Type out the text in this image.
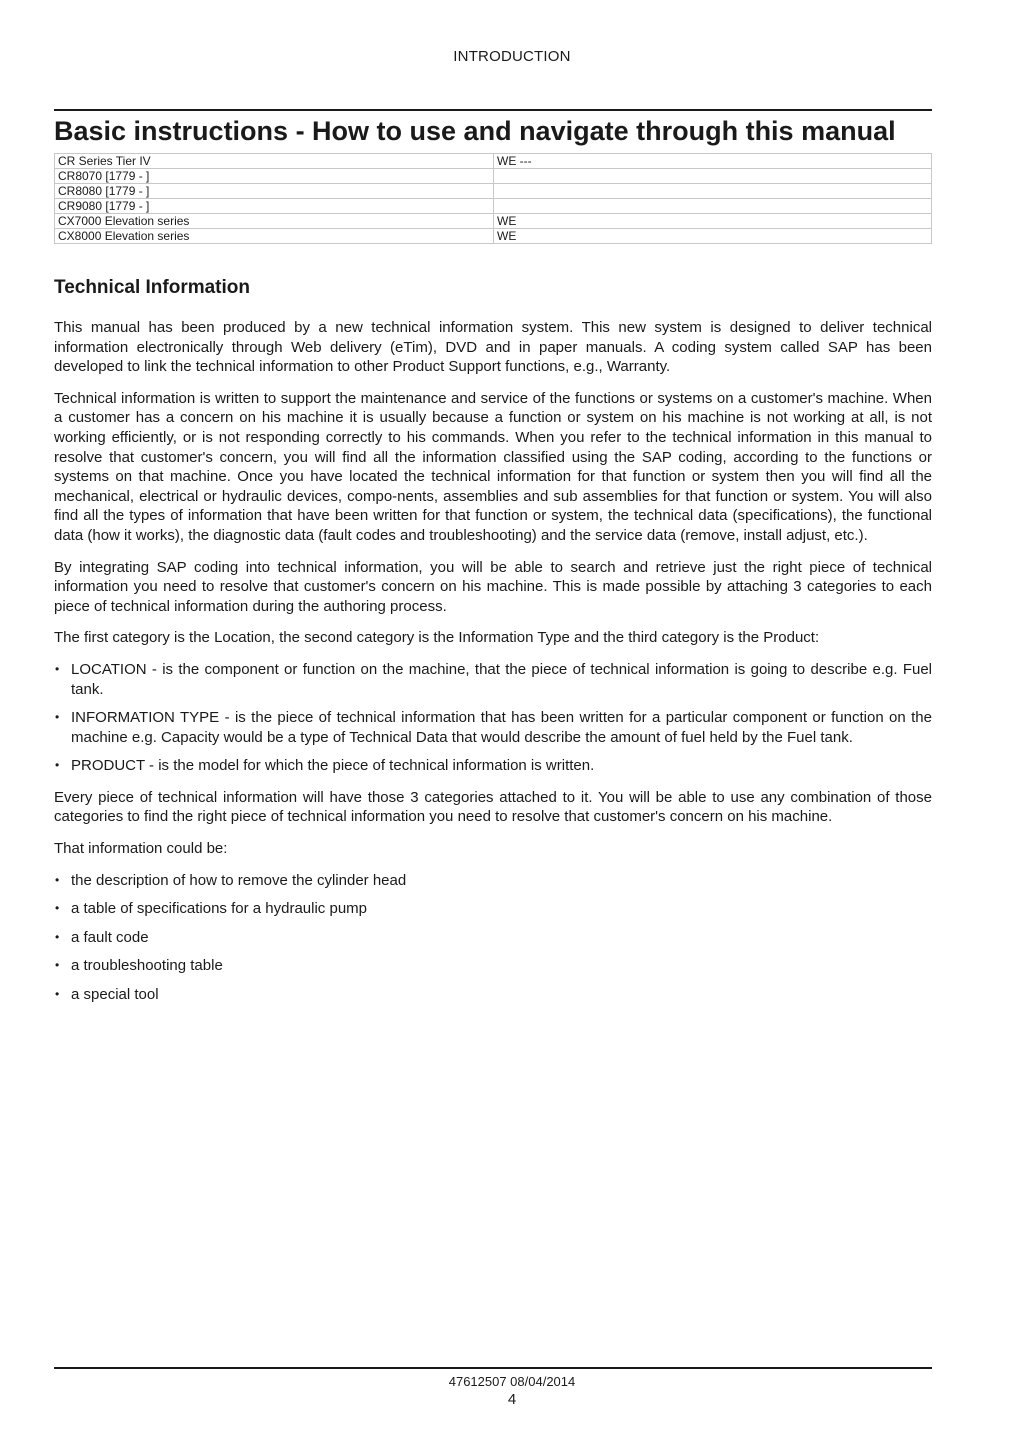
INTRODUCTION
Basic instructions - How to use and navigate through this manual
CR Series Tier IV	WE ---
CR8070 [1779 - ]	
CR8080 [1779 - ]	
CR9080 [1779 - ]	
CX7000 Elevation series	WE
CX8000 Elevation series	WE
Technical Information

This manual has been produced by a new technical information system. This new system is designed to deliver technical information electronically through Web delivery (eTim), DVD and in paper manuals. A coding system called SAP has been developed to link the technical information to other Product Support functions, e.g., Warranty.

Technical information is written to support the maintenance and service of the functions or systems on a customer's machine. When a customer has a concern on his machine it is usually because a function or system on his machine is not working at all, is not working efficiently, or is not responding correctly to his commands. When you refer to the technical information in this manual to resolve that customer's concern, you will find all the information classified using the SAP coding, according to the functions or systems on that machine. Once you have located the technical information for that function or system then you will find all the mechanical, electrical or hydraulic devices, compo-nents, assemblies and sub assemblies for that function or system. You will also find all the types of information that have been written for that function or system, the technical data (specifications), the functional data (how it works), the diagnostic data (fault codes and troubleshooting) and the service data (remove, install adjust, etc.).

By integrating SAP coding into technical information, you will be able to search and retrieve just the right piece of technical information you need to resolve that customer's concern on his machine. This is made possible by attaching 3 categories to each piece of technical information during the authoring process.

The first category is the Location, the second category is the Information Type and the third category is the Product:

• LOCATION - is the component or function on the machine, that the piece of technical information is going to describe e.g. Fuel tank.
• INFORMATION TYPE - is the piece of technical information that has been written for a particular component or function on the machine e.g. Capacity would be a type of Technical Data that would describe the amount of fuel held by the Fuel tank.
• PRODUCT - is the model for which the piece of technical information is written.

Every piece of technical information will have those 3 categories attached to it. You will be able to use any combination of those categories to find the right piece of technical information you need to resolve that customer's concern on his machine.

That information could be:

• the description of how to remove the cylinder head
• a table of specifications for a hydraulic pump
• a fault code
• a troubleshooting table
• a special tool
47612507 08/04/2014
4
